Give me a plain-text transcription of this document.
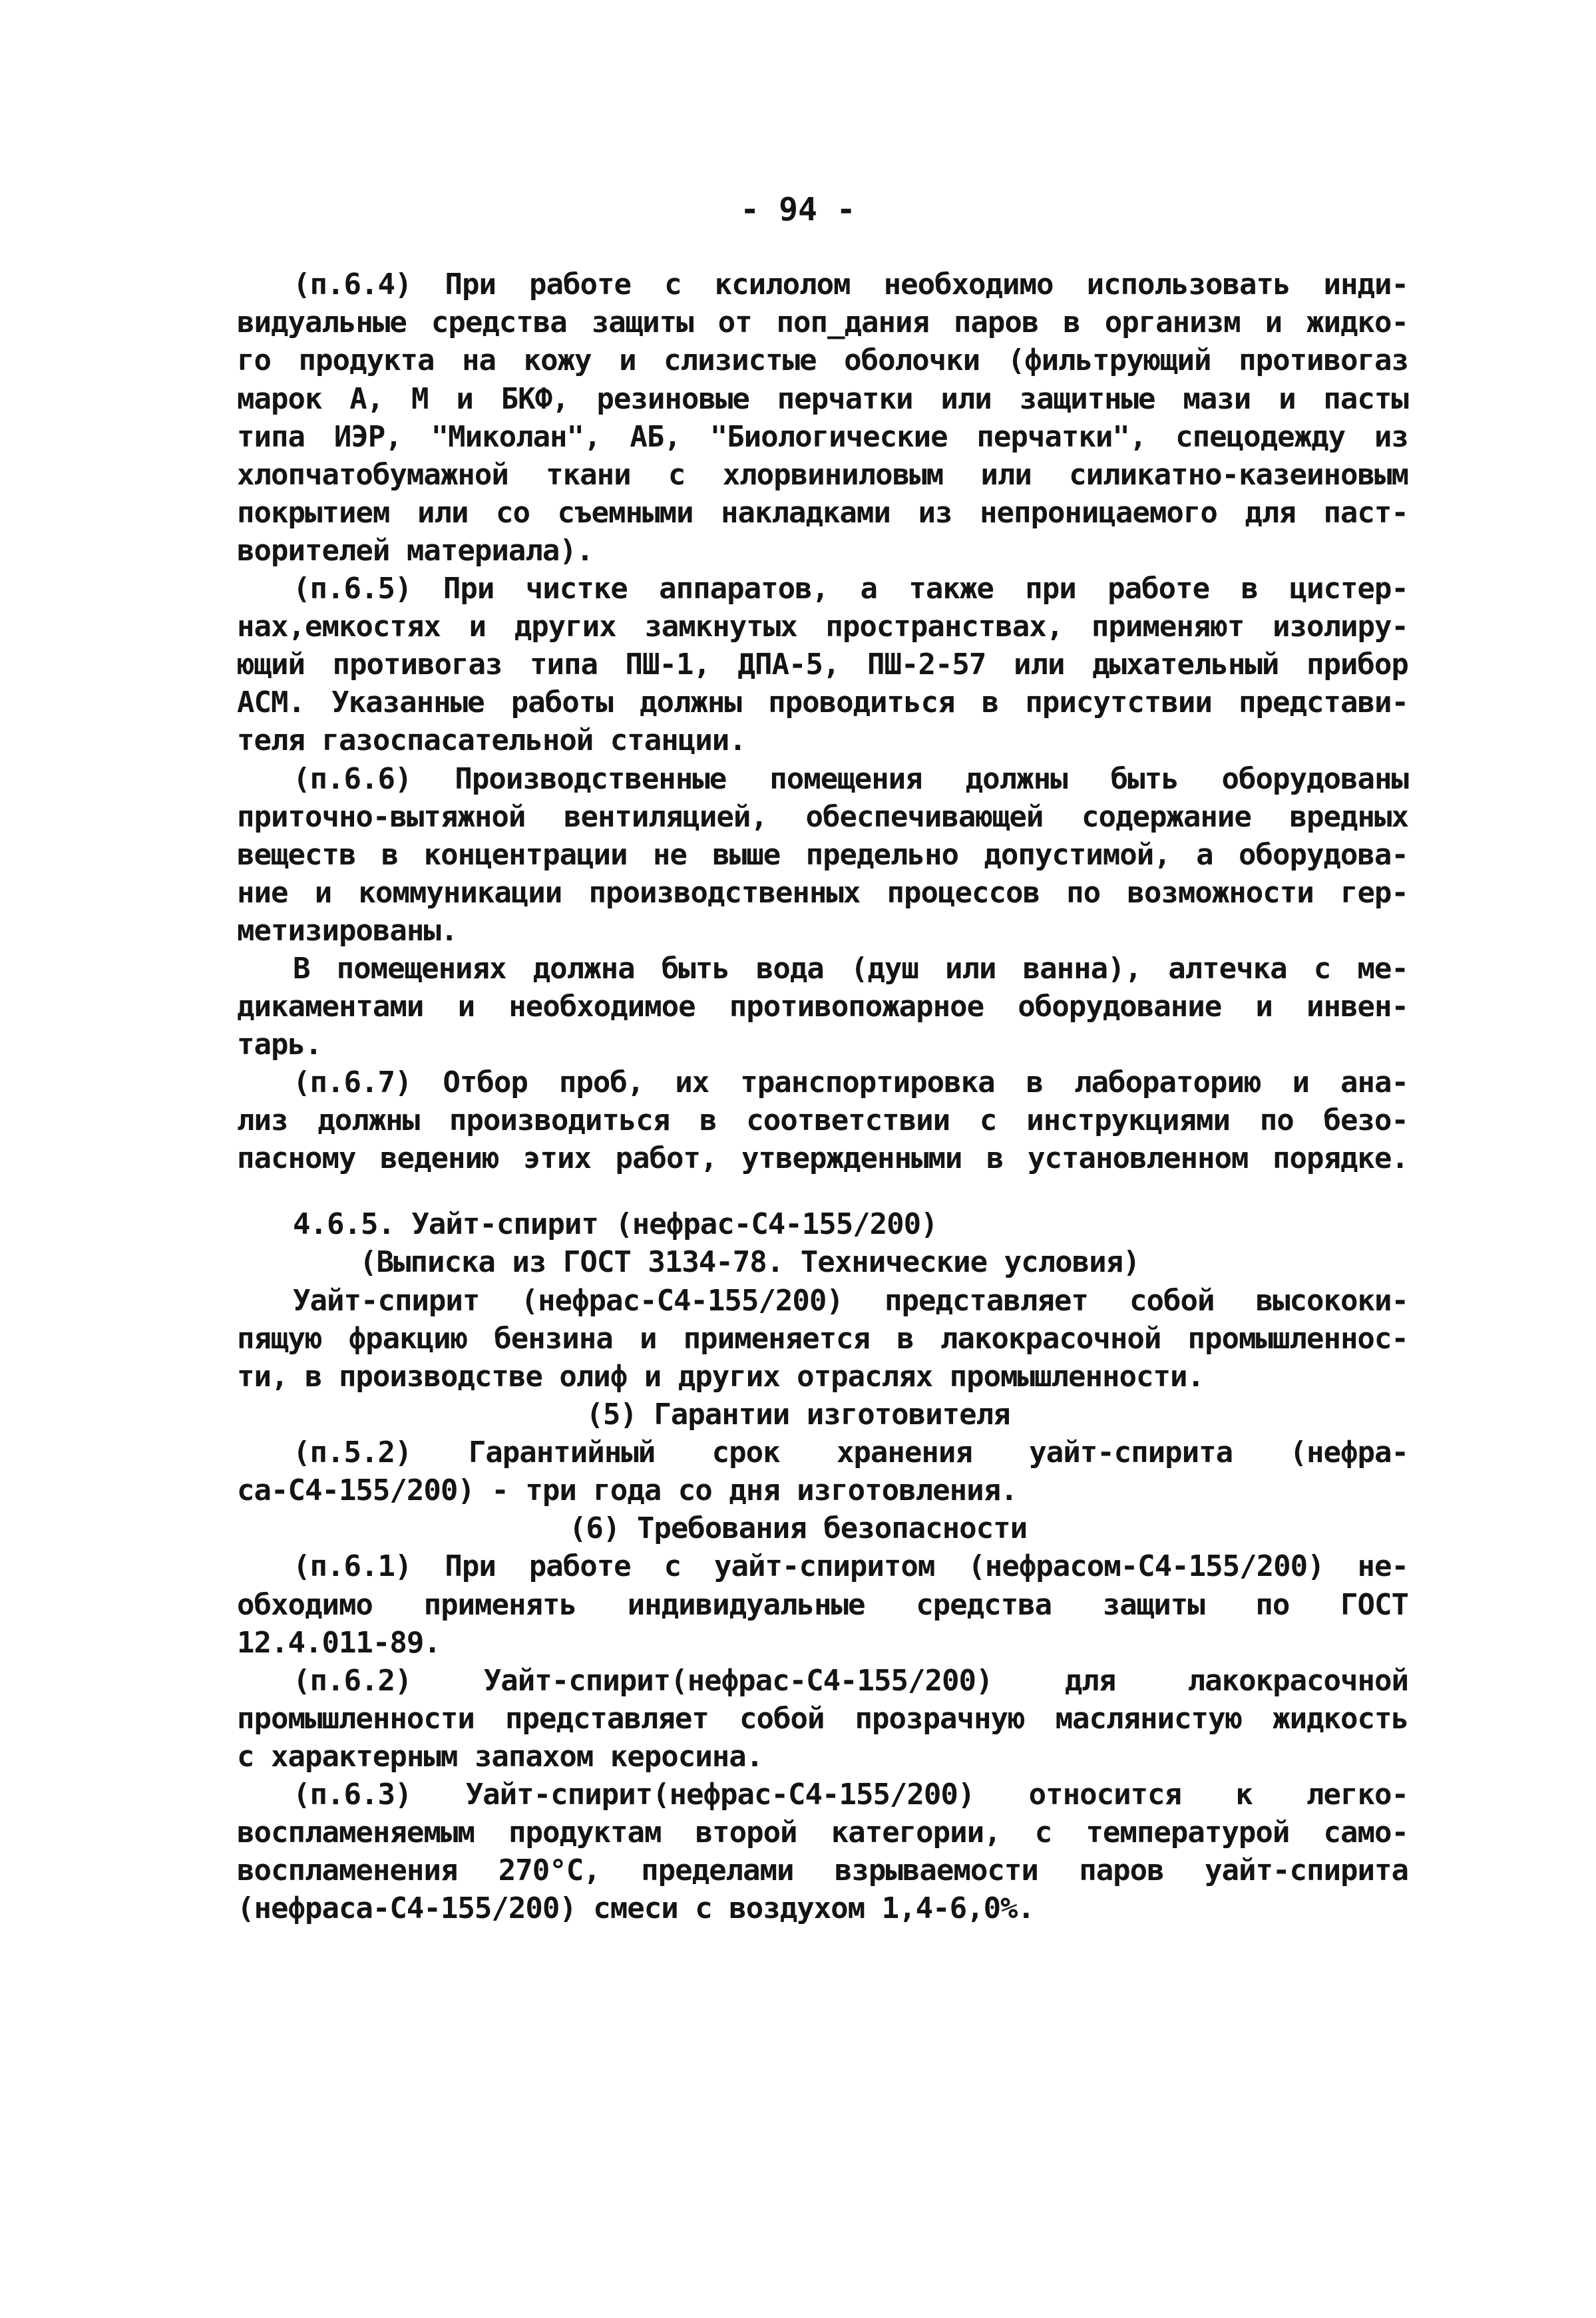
- 94 -
(п.6.4) При работе с ксилолом необходимо использовать инди-
видуальные средства защиты от поп_дания паров в организм и жидко-
го продукта на кожу и слизистые оболочки (фильтрующий противогаз
марок А, М и БКФ, резиновые перчатки или защитные мази и пасты
типа ИЭР, "Миколан", АБ, "Биологические перчатки", спецодежду из
хлопчатобумажной ткани с хлорвиниловым или силикатно-казеиновым
покрытием или со съемными накладками из непроницаемого для паст-
ворителей материала).
(п.6.5) При чистке аппаратов, а также при работе в цистер-
нах,емкостях и других замкнутых пространствах, применяют изолиру-
ющий противогаз типа ПШ-1, ДПА-5, ПШ-2-57 или дыхательный прибор
АСМ. Указанные работы должны проводиться в присутствии представи-
теля газоспасательной станции.
(п.6.6) Производственные помещения должны быть оборудованы
приточно-вытяжной вентиляцией, обеспечивающей содержание вредных
веществ в концентрации не выше предельно допустимой, а оборудова-
ние и коммуникации производственных процессов по возможности гер-
метизированы.
В помещениях должна быть вода (душ или ванна), алтечка с ме-
дикаментами и необходимое противопожарное оборудование и инвен-
тарь.
(п.6.7) Отбор проб, их транспортировка в лабораторию и ана-
лиз должны производиться в соответствии с инструкциями по безо-
пасному ведению этих работ, утвержденными в установленном порядке.
4.6.5. Уайт-спирит (нефрас-С4-155/200)
(Выписка из ГОСТ 3134-78. Технические условия)
Уайт-спирит (нефрас-С4-155/200) представляет собой высококи-
пящую фракцию бензина и применяется в лакокрасочной промышленнос-
ти, в производстве олиф и других отраслях промышленности.
(5) Гарантии изготовителя
(п.5.2) Гарантийный срок хранения уайт-спирита (нефра-
са-С4-155/200) - три года со дня изготовления.
(6) Требования безопасности
(п.6.1) При работе с уайт-спиритом (нефрасом-С4-155/200) не-
обходимо применять индивидуальные средства защиты по ГОСТ
12.4.011-89.
(п.6.2) Уайт-спирит(нефрас-С4-155/200) для лакокрасочной
промышленности представляет собой прозрачную маслянистую жидкость
с характерным запахом керосина.
(п.6.3) Уайт-спирит(нефрас-С4-155/200) относится к легко-
воспламеняемым продуктам второй категории, с температурой само-
воспламенения 270°С, пределами взрываемости паров уайт-спирита
(нефраса-С4-155/200) смеси с воздухом 1,4-6,0%.
